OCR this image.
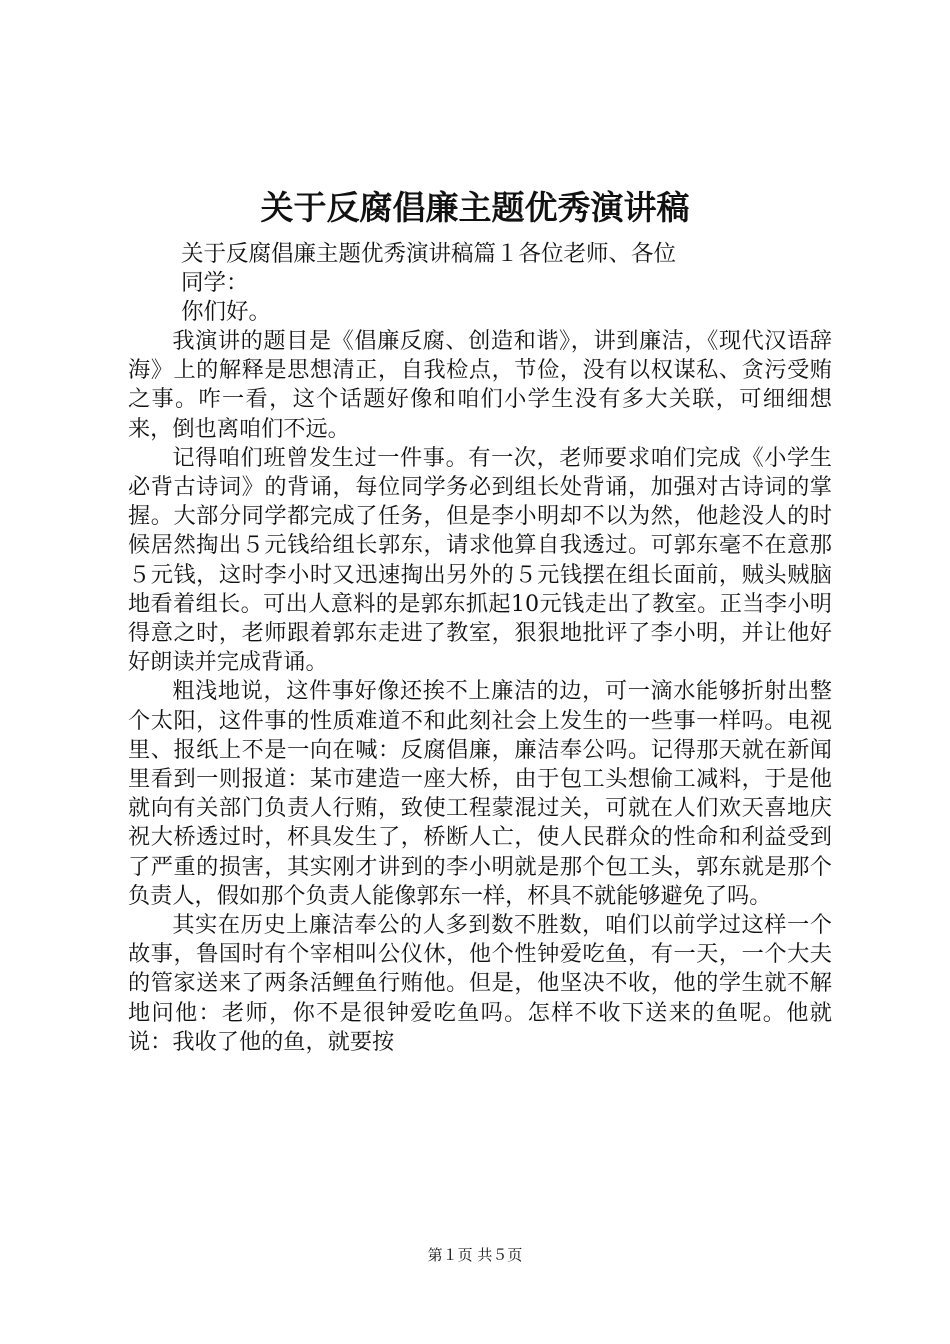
关于反腐倡廉主题优秀演讲稿
关于反腐倡廉主题优秀演讲稿篇１各位老师、各位
同学：
你们好。

我演讲的题目是《倡廉反腐、创造和谐》，讲到廉洁，《现代汉语辞海》上的解释是思想清正，自我检点，节俭，没有以权谋私、贪污受贿之事。咋一看，这个话题好像和咱们小学生没有多大关联，可细细想来，倒也离咱们不远。

记得咱们班曾发生过一件事。有一次，老师要求咱们完成《小学生必背古诗词》的背诵，每位同学务必到组长处背诵，加强对古诗词的掌握。大部分同学都完成了任务，但是李小明却不以为然，他趁没人的时候居然掏出５元钱给组长郭东，请求他算自我透过。可郭东毫不在意那５元钱，这时李小时又迅速掏出另外的５元钱摆在组长面前，贼头贼脑地看着组长。可出人意料的是郭东抓起10元钱走出了教室。正当李小明得意之时，老师跟着郭东走进了教室，狠狠地批评了李小明，并让他好好朗读并完成背诵。

粗浅地说，这件事好像还挨不上廉洁的边，可一滴水能够折射出整个太阳，这件事的性质难道不和此刻社会上发生的一些事一样吗。电视里、报纸上不是一向在喊：反腐倡廉，廉洁奉公吗。记得那天就在新闻里看到一则报道：某市建造一座大桥，由于包工头想偷工减料，于是他就向有关部门负责人行贿，致使工程蒙混过关，可就在人们欢天喜地庆祝大桥透过时，杯具发生了，桥断人亡，使人民群众的性命和利益受到了严重的损害，其实刚才讲到的李小明就是那个包工头，郭东就是那个负责人，假如那个负责人能像郭东一样，杯具不就能够避免了吗。

其实在历史上廉洁奉公的人多到数不胜数，咱们以前学过这样一个故事，鲁国时有个宰相叫公仪休，他个性钟爱吃鱼，有一天，一个大夫的管家送来了两条活鲤鱼行贿他。但是，他坚决不收，他的学生就不解地问他：老师，你不是很钟爱吃鱼吗。怎样不收下送来的鱼呢。他就说：我收了他的鱼，就要按

第１页 共５页
